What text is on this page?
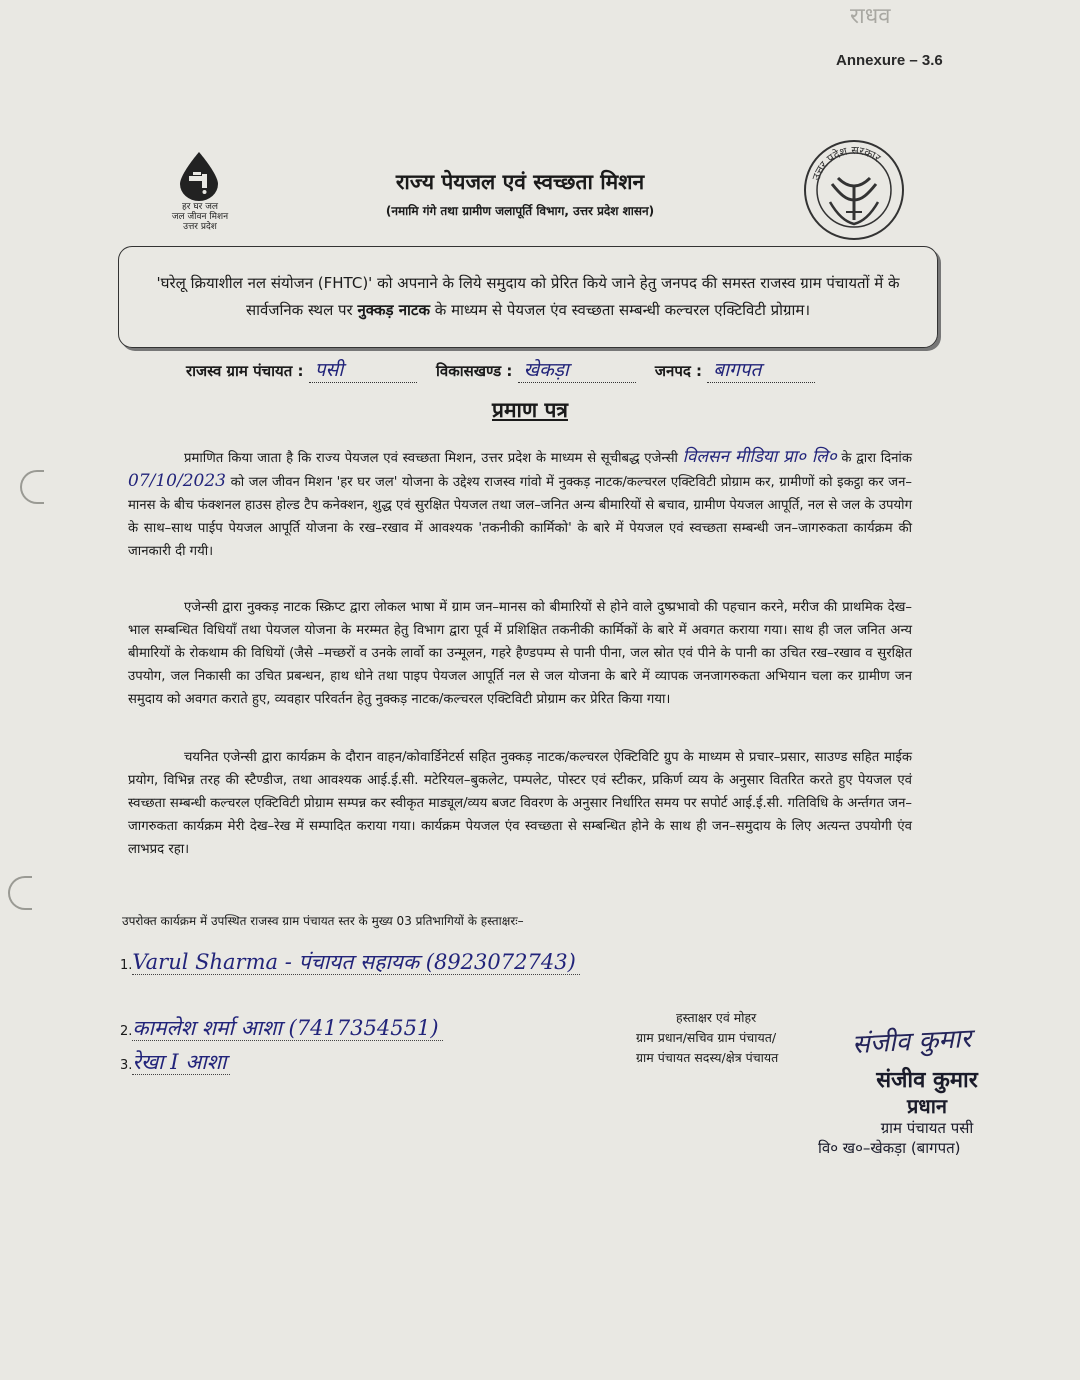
राधव
Annexure – 3.6
हर घर जल
जल जीवन मिशन
उत्तर प्रदेश
उत्तर प्रदेश सरकार
राज्य पेयजल एवं स्वच्छता मिशन
(नमामि गंगे तथा ग्रामीण जलापूर्ति विभाग, उत्तर प्रदेश शासन)

'घरेलू क्रियाशील नल संयोजन (FHTC)' को अपनाने के लिये समुदाय को प्रेरित किये जाने हेतु जनपद की समस्त राजस्व ग्राम पंचायतों में के सार्वजनिक स्थल पर नुक्कड़ नाटक के माध्यम से पेयजल एंव स्वच्छता सम्बन्धी कल्चरल एक्टिविटी प्रोग्राम।

राजस्व ग्राम पंचायत : पसी	विकासखण्ड : खेकड़ा	जनपद : बागपत
प्रमाण पत्र

प्रमाणित किया जाता है कि राज्य पेयजल एवं स्वच्छता मिशन, उत्तर प्रदेश के माध्यम से सूचीबद्ध एजेन्सी विलसन मीडिया प्रा० लि० के द्वारा दिनांक 07/10/2023 को जल जीवन मिशन 'हर घर जल' योजना के उद्देश्य राजस्व गांवो में नुक्कड़ नाटक/कल्चरल एक्टिविटी प्रोग्राम कर, ग्रामीणों को इकट्ठा कर जन–मानस के बीच फंक्शनल हाउस होल्ड टैप कनेक्शन, शुद्ध एवं सुरक्षित पेयजल तथा जल–जनित अन्य बीमारियों से बचाव, ग्रामीण पेयजल आपूर्ति, नल से जल के उपयोग के साथ–साथ पाईप पेयजल आपूर्ति योजना के रख–रखाव में आवश्यक 'तकनीकी कार्मिको' के बारे में पेयजल एवं स्वच्छता सम्बन्धी जन–जागरुकता कार्यक्रम की जानकारी दी गयी।

एजेन्सी द्वारा नुक्कड़ नाटक स्क्रिप्ट द्वारा लोकल भाषा में ग्राम जन–मानस को बीमारियों से होने वाले दुष्प्रभावो की पहचान करने, मरीज की प्राथमिक देख–भाल सम्बन्धित विधियाँ तथा पेयजल योजना के मरम्मत हेतु विभाग द्वारा पूर्व में प्रशिक्षित तकनीकी कार्मिकों के बारे में अवगत कराया गया। साथ ही जल जनित अन्य बीमारियों के रोकथाम की विधियों (जैसे –मच्छरों व उनके लार्वो का उन्मूलन, गहरे हैण्डपम्प से पानी पीना, जल स्रोत एवं पीने के पानी का उचित रख–रखाव व सुरक्षित उपयोग, जल निकासी का उचित प्रबन्धन, हाथ धोने तथा पाइप पेयजल आपूर्ति नल से जल योजना के बारे में व्यापक जनजागरुकता अभियान चला कर ग्रामीण जन समुदाय को अवगत कराते हुए, व्यवहार परिवर्तन हेतु नुक्कड़ नाटक/कल्चरल एक्टिविटी प्रोग्राम कर प्रेरित किया गया।

चयनित एजेन्सी द्वारा कार्यक्रम के दौरान वाहन/कोवार्डिनेटर्स सहित नुक्कड़ नाटक/कल्चरल ऐक्टिविटि ग्रुप के माध्यम से प्रचार–प्रसार, साउण्ड सहित माईक प्रयोग, विभिन्न तरह की स्टैण्डीज, तथा आवश्यक आई.ई.सी. मटेरियल–बुकलेट, पम्पलेट, पोस्टर एवं स्टीकर, प्रकिर्ण व्यय के अनुसार वितरित करते हुए पेयजल एवं स्वच्छता सम्बन्धी कल्चरल एक्टिविटी प्रोग्राम सम्पन्न कर स्वीकृत माड्यूल/व्यय बजट विवरण के अनुसार निर्धारित समय पर सपोर्ट आई.ई.सी. गतिविधि के अर्न्तगत जन–जागरुकता कार्यक्रम मेरी देख–रेख में सम्पादित कराया गया। कार्यक्रम पेयजल एंव स्वच्छता से सम्बन्धित होने के साथ ही जन–समुदाय के लिए अत्यन्त उपयोगी एंव लाभप्रद रहा।

उपरोक्त कार्यक्रम में उपस्थित राजस्व ग्राम पंचायत स्तर के मुख्य 03 प्रतिभागियों के हस्ताक्षरः–
1.Varul Sharma - पंचायत सहायक (8923072743)
2.कामलेश शर्मा आशा (7417354551)
3.रेखा I आशा
हस्ताक्षर एवं मोहर
ग्राम प्रधान/सचिव ग्राम पंचायत/
ग्राम पंचायत सदस्य/क्षेत्र पंचायत	संजीव कुमार
संजीव कुमार
प्रधान
ग्राम पंचायत पसी
वि० ख०–खेकड़ा (बागपत)
